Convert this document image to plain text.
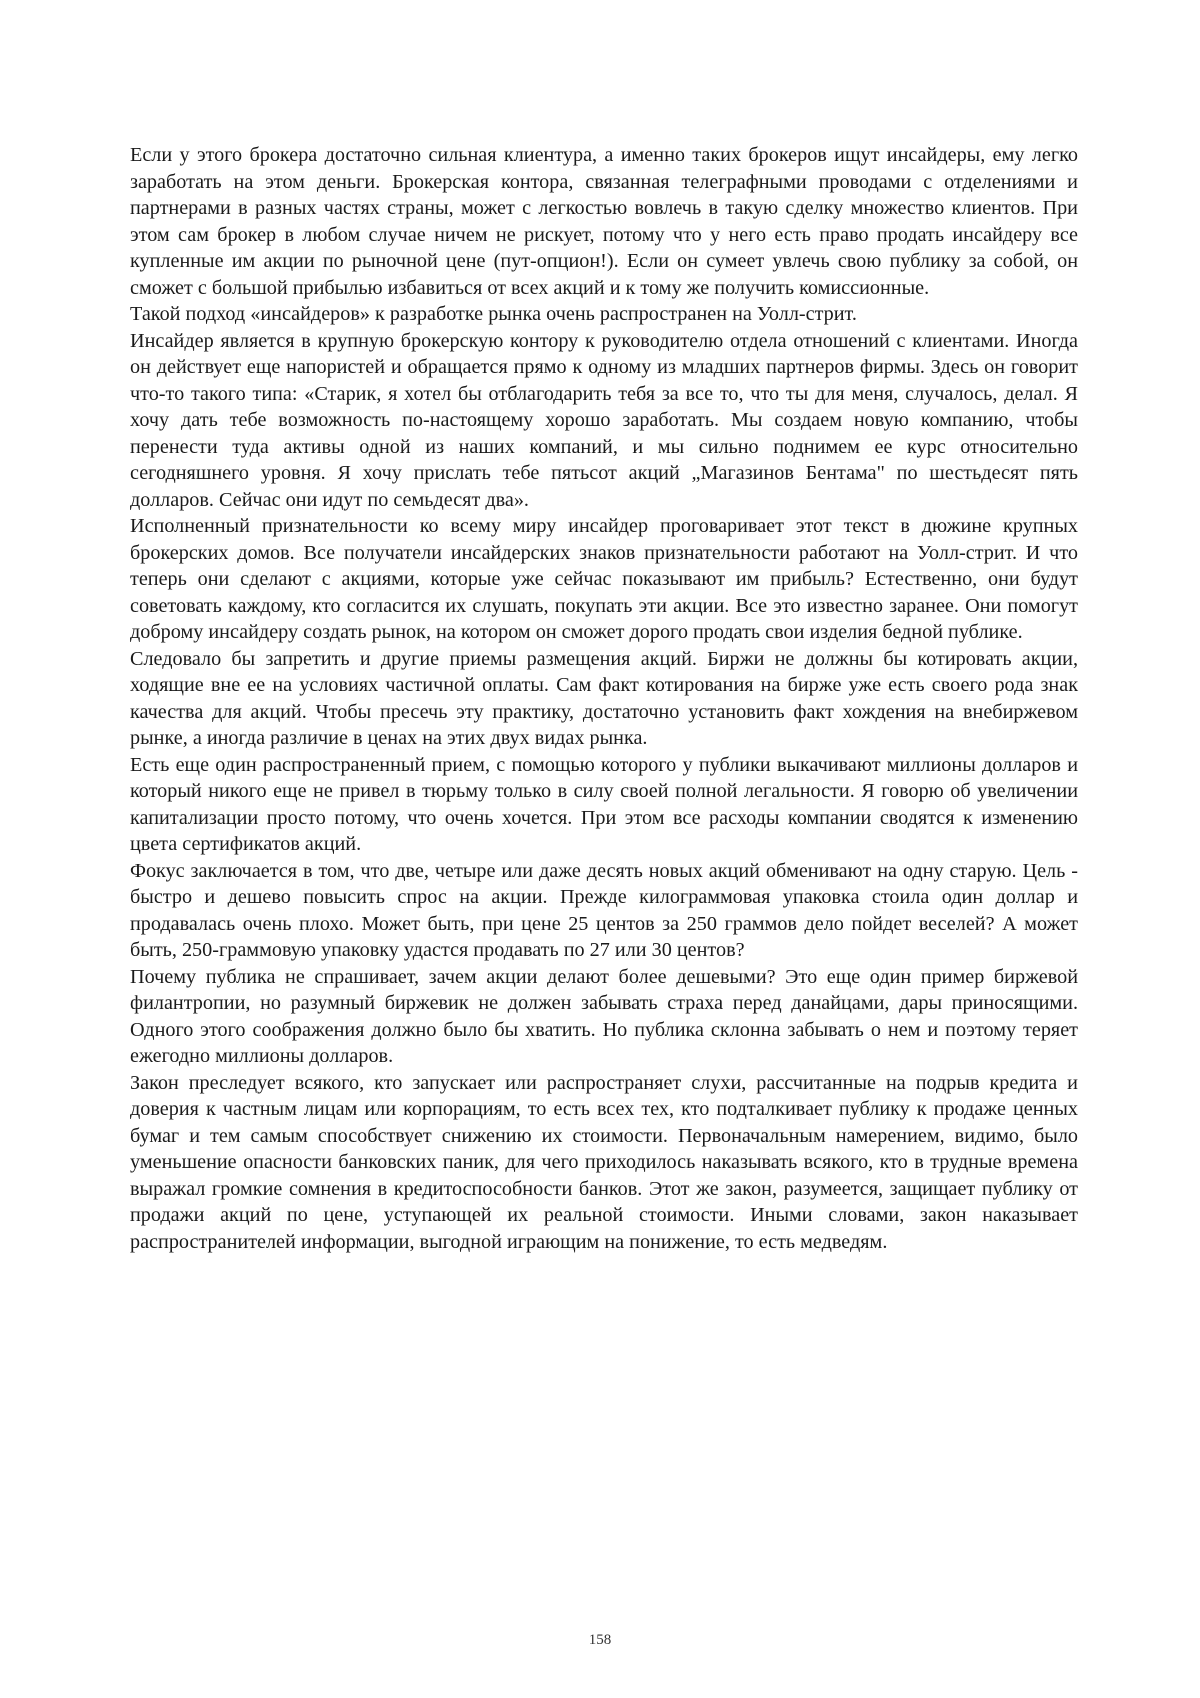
Если у этого брокера достаточно сильная клиентура, а именно таких брокеров ищут инсайдеры, ему легко заработать на этом деньги. Брокерская контора, связанная телеграфными проводами с отделениями и партнерами в разных частях страны, может с легкостью вовлечь в такую сделку множество клиентов. При этом сам брокер в любом случае ничем не рискует, потому что у него есть право продать инсайдеру все купленные им акции по рыночной цене (пут-опцион!). Если он сумеет увлечь свою публику за собой, он сможет с большой прибылью избавиться от всех акций и к тому же получить комиссионные.

Такой подход «инсайдеров» к разработке рынка очень распространен на Уолл-стрит.

Инсайдер является в крупную брокерскую контору к руководителю отдела отношений с клиентами. Иногда он действует еще напористей и обращается прямо к одному из младших партнеров фирмы. Здесь он говорит что-то такого типа: «Старик, я хотел бы отблагодарить тебя за все то, что ты для меня, случалось, делал. Я хочу дать тебе возможность по-настоящему хорошо заработать. Мы создаем новую компанию, чтобы перенести туда активы одной из наших компаний, и мы сильно поднимем ее курс относительно сегодняшнего уровня. Я хочу прислать тебе пятьсот акций „Магазинов Бентама" по шестьдесят пять долларов. Сейчас они идут по семьдесят два».

Исполненный признательности ко всему миру инсайдер проговаривает этот текст в дюжине крупных брокерских домов. Все получатели инсайдерских знаков признательности работают на Уолл-стрит. И что теперь они сделают с акциями, которые уже сейчас показывают им прибыль? Естественно, они будут советовать каждому, кто согласится их слушать, покупать эти акции. Все это известно заранее. Они помогут доброму инсайдеру создать рынок, на котором он сможет дорого продать свои изделия бедной публике.

Следовало бы запретить и другие приемы размещения акций. Биржи не должны бы котировать акции, ходящие вне ее на условиях частичной оплаты. Сам факт котирования на бирже уже есть своего рода знак качества для акций. Чтобы пресечь эту практику, достаточно установить факт хождения на внебиржевом рынке, а иногда различие в ценах на этих двух видах рынка.

Есть еще один распространенный прием, с помощью которого у публики выкачивают миллионы долларов и который никого еще не привел в тюрьму только в силу своей полной легальности. Я говорю об увеличении капитализации просто потому, что очень хочется. При этом все расходы компании сводятся к изменению цвета сертификатов акций.

Фокус заключается в том, что две, четыре или даже десять новых акций обменивают на одну старую. Цель - быстро и дешево повысить спрос на акции. Прежде килограммовая упаковка стоила один доллар и продавалась очень плохо. Может быть, при цене 25 центов за 250 граммов дело пойдет веселей? А может быть, 250-граммовую упаковку удастся продавать по 27 или 30 центов?

Почему публика не спрашивает, зачем акции делают более дешевыми? Это еще один пример биржевой филантропии, но разумный биржевик не должен забывать страха перед данайцами, дары приносящими. Одного этого соображения должно было бы хватить. Но публика склонна забывать о нем и поэтому теряет ежегодно миллионы долларов.

Закон преследует всякого, кто запускает или распространяет слухи, рассчитанные на подрыв кредита и доверия к частным лицам или корпорациям, то есть всех тех, кто подталкивает публику к продаже ценных бумаг и тем самым способствует снижению их стоимости. Первоначальным намерением, видимо, было уменьшение опасности банковских паник, для чего приходилось наказывать всякого, кто в трудные времена выражал громкие сомнения в кредитоспособности банков. Этот же закон, разумеется, защищает публику от продажи акций по цене, уступающей их реальной стоимости. Иными словами, закон наказывает распространителей информации, выгодной играющим на понижение, то есть медведям.

158
